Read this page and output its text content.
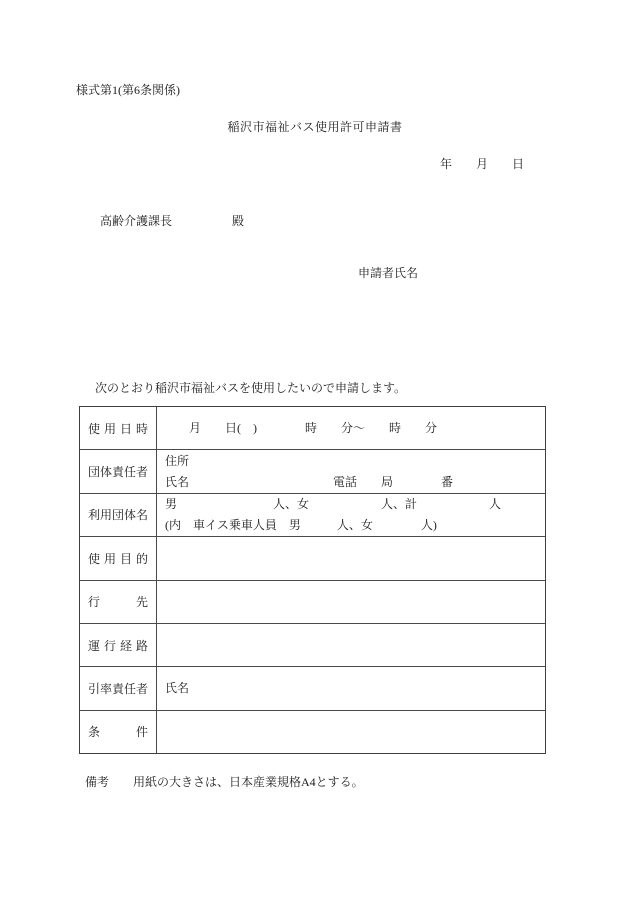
様式第1(第6条関係)
稲沢市福祉バス使用許可申請書
年　　月　　日
高齢介護課長　　　　　殿
申請者氏名
次のとおり稲沢市福祉バスを使用したいので申請します。
使用日時 　　月　　日(　)　　　　時　　分～　　時　　分
団体責任者
住所
氏名　　　　　　　　　　　　電話　　局　　　　番
利用団体名
男　　　　　　　　人、女　　　　　　人、計　　　　　　人
(内　車イス乗車人員　男　　　人、女　　　　人)
使用目的
行先
運行経路
引率責任者 氏名
条件
備考　　用紙の大きさは、日本産業規格A4とする。
